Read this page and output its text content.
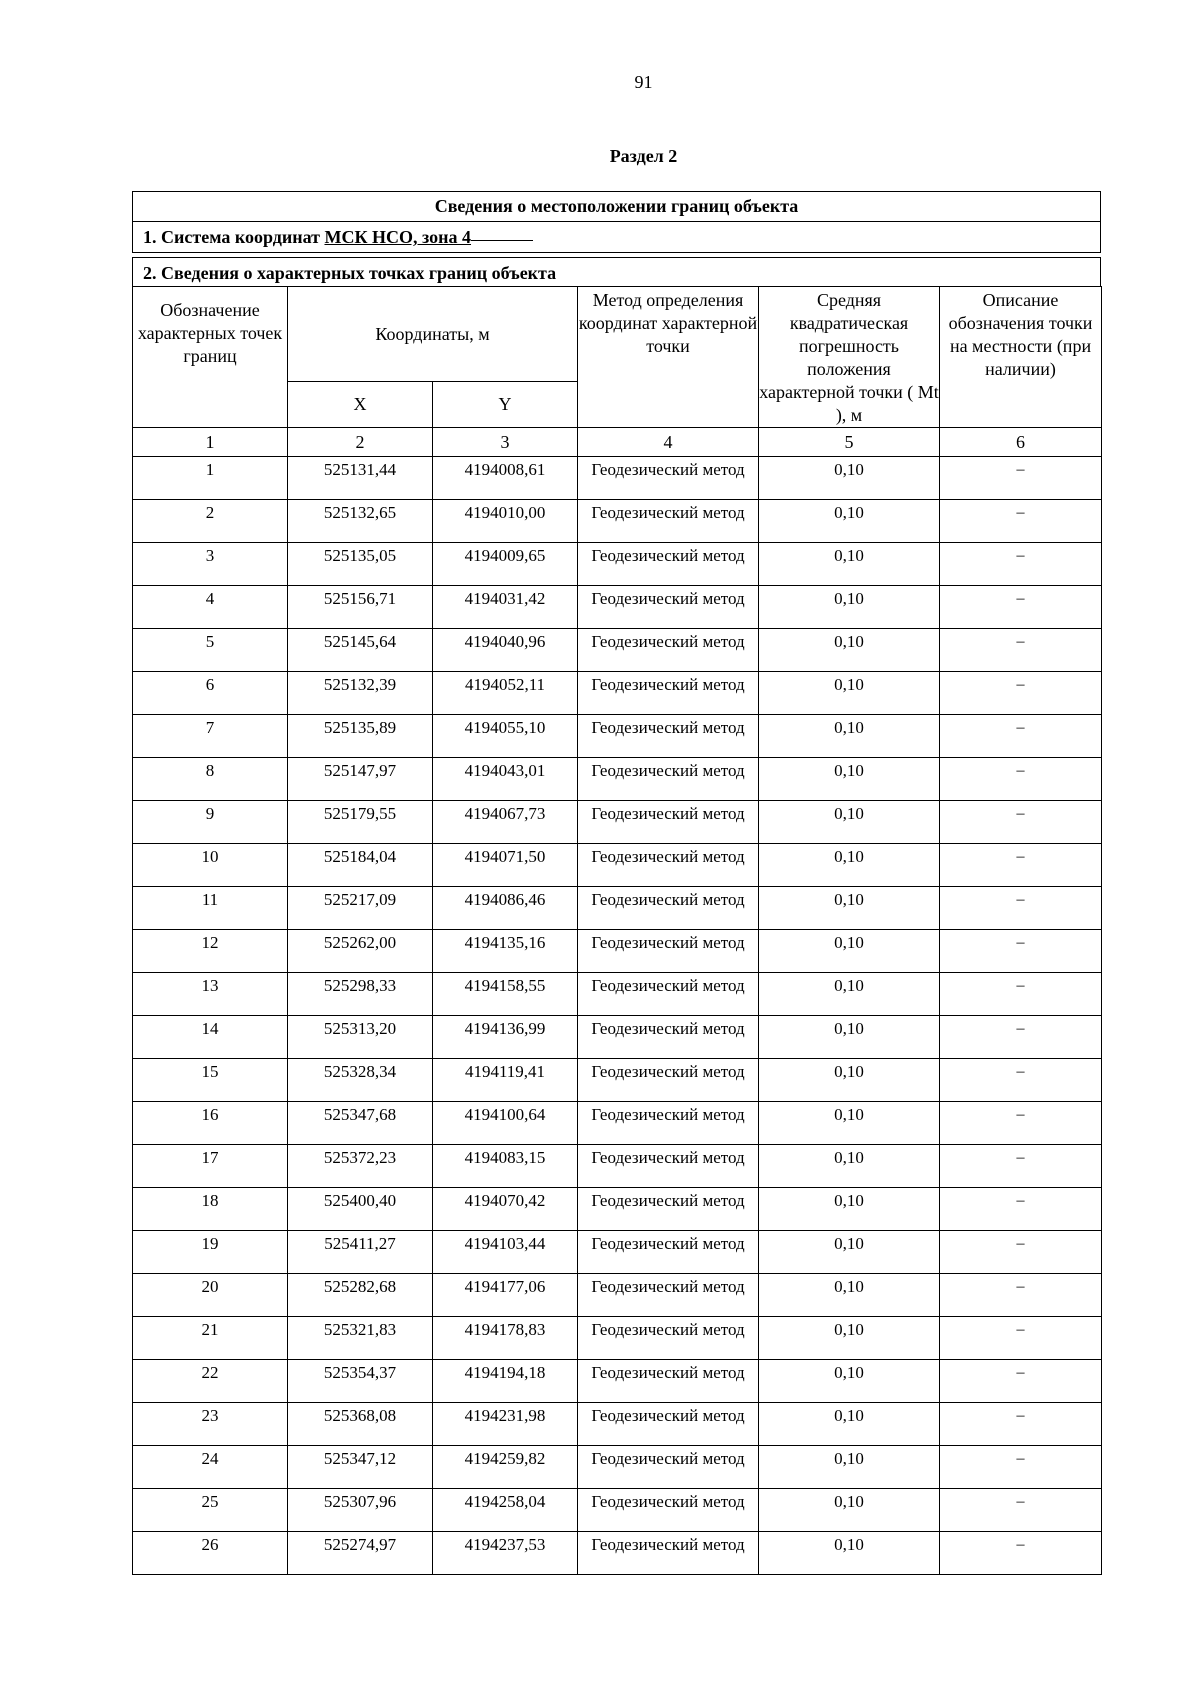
91
Раздел 2
Сведения о местоположении границ объекта
1. Система координат МСК НСО, зона 4
2. Сведения о характерных точках границ объекта
Обозначение характерных точек границ	Координаты, м		Метод определения координат характерной точки	Средняя квадратическая погрешность положения характерной точки ( Mt ), м	Описание обозначения точки на местности (при наличии)
	X	Y			
1	2	3	4	5	6
1	525131,44	4194008,61	Геодезический метод	0,10	–
2	525132,65	4194010,00	Геодезический метод	0,10	–
3	525135,05	4194009,65	Геодезический метод	0,10	–
4	525156,71	4194031,42	Геодезический метод	0,10	–
5	525145,64	4194040,96	Геодезический метод	0,10	–
6	525132,39	4194052,11	Геодезический метод	0,10	–
7	525135,89	4194055,10	Геодезический метод	0,10	–
8	525147,97	4194043,01	Геодезический метод	0,10	–
9	525179,55	4194067,73	Геодезический метод	0,10	–
10	525184,04	4194071,50	Геодезический метод	0,10	–
11	525217,09	4194086,46	Геодезический метод	0,10	–
12	525262,00	4194135,16	Геодезический метод	0,10	–
13	525298,33	4194158,55	Геодезический метод	0,10	–
14	525313,20	4194136,99	Геодезический метод	0,10	–
15	525328,34	4194119,41	Геодезический метод	0,10	–
16	525347,68	4194100,64	Геодезический метод	0,10	–
17	525372,23	4194083,15	Геодезический метод	0,10	–
18	525400,40	4194070,42	Геодезический метод	0,10	–
19	525411,27	4194103,44	Геодезический метод	0,10	–
20	525282,68	4194177,06	Геодезический метод	0,10	–
21	525321,83	4194178,83	Геодезический метод	0,10	–
22	525354,37	4194194,18	Геодезический метод	0,10	–
23	525368,08	4194231,98	Геодезический метод	0,10	–
24	525347,12	4194259,82	Геодезический метод	0,10	–
25	525307,96	4194258,04	Геодезический метод	0,10	–
26	525274,97	4194237,53	Геодезический метод	0,10	–
